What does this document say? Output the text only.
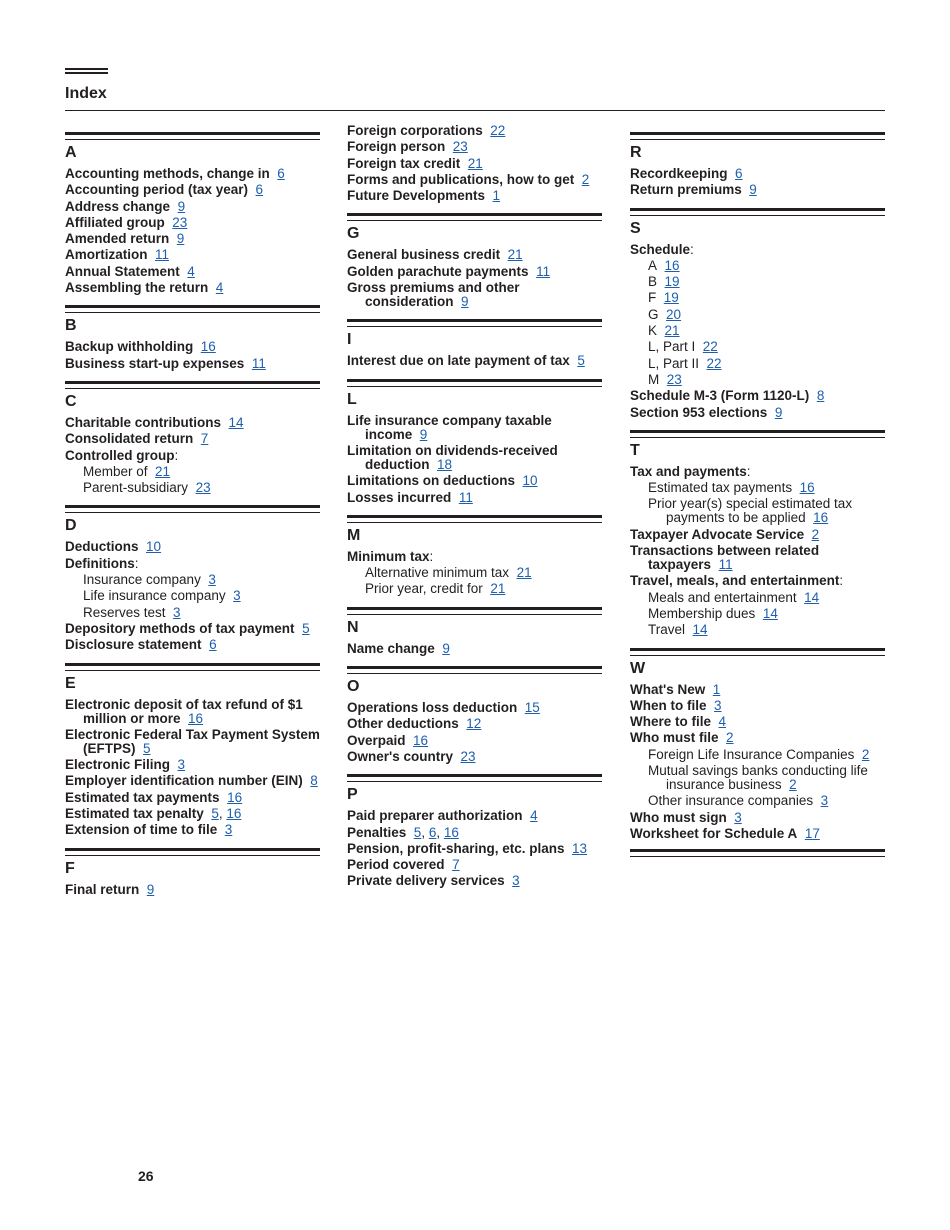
Index
A
Accounting methods, change in 6
Accounting period (tax year) 6
Address change 9
Affiliated group 23
Amended return 9
Amortization 11
Annual Statement 4
Assembling the return 4
B
Backup withholding 16
Business start-up expenses 11
C
Charitable contributions 14
Consolidated return 7
Controlled group:
Member of 21
Parent-subsidiary 23
D
Deductions 10
Definitions:
Insurance company 3
Life insurance company 3
Reserves test 3
Depository methods of tax payment 5
Disclosure statement 6
E
Electronic deposit of tax refund of $1 million or more 16
Electronic Federal Tax Payment System (EFTPS) 5
Electronic Filing 3
Employer identification number (EIN) 8
Estimated tax payments 16
Estimated tax penalty 5, 16
Extension of time to file 3
F
Final return 9
Foreign corporations 22
Foreign person 23
Foreign tax credit 21
Forms and publications, how to get 2
Future Developments 1
G
General business credit 21
Golden parachute payments 11
Gross premiums and other consideration 9
I
Interest due on late payment of tax 5
L
Life insurance company taxable income 9
Limitation on dividends-received deduction 18
Limitations on deductions 10
Losses incurred 11
M
Minimum tax:
Alternative minimum tax 21
Prior year, credit for 21
N
Name change 9
O
Operations loss deduction 15
Other deductions 12
Overpaid 16
Owner's country 23
P
Paid preparer authorization 4
Penalties 5, 6, 16
Pension, profit-sharing, etc. plans 13
Period covered 7
Private delivery services 3
R
Recordkeeping 6
Return premiums 9
S
Schedule:
A 16
B 19
F 19
G 20
K 21
L, Part I 22
L, Part II 22
M 23
Schedule M-3 (Form 1120-L) 8
Section 953 elections 9
T
Tax and payments:
Estimated tax payments 16
Prior year(s) special estimated tax payments to be applied 16
Taxpayer Advocate Service 2
Transactions between related taxpayers 11
Travel, meals, and entertainment:
Meals and entertainment 14
Membership dues 14
Travel 14
W
What's New 1
When to file 3
Where to file 4
Who must file 2
Foreign Life Insurance Companies 2
Mutual savings banks conducting life insurance business 2
Other insurance companies 3
Who must sign 3
Worksheet for Schedule A 17
26
